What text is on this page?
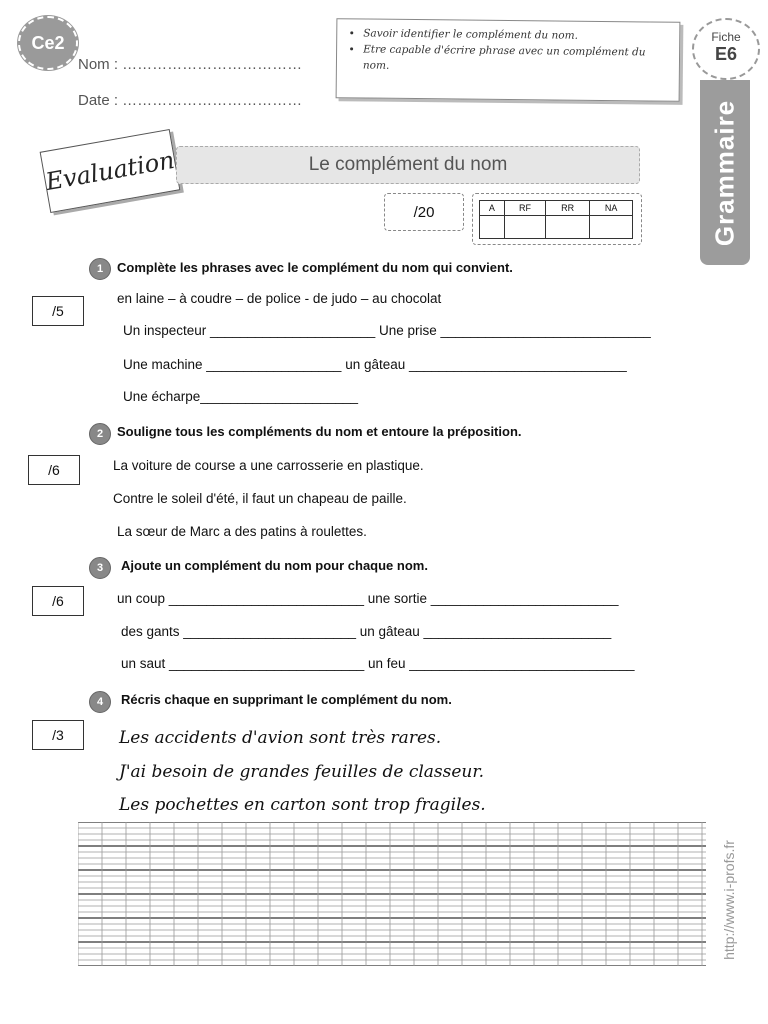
Ce2
Nom : ………………………………
Date : ………………………………
• Savoir identifier le complément du nom.
• Etre capable d'écrire phrase avec un complément du nom.
Fiche
E6
Grammaire
Evaluation	Le complément du nom
/20	A	RF	RR	NA

1	Complète les phrases avec le complément du nom qui convient.
/5
en laine – à coudre – de police - de judo – au chocolat
Un inspecteur ______________________ Une prise ____________________________
Une machine __________________ un gâteau _____________________________
Une écharpe_____________________
2	Souligne tous les compléments du nom et entoure la préposition.
/6	La voiture de course a une carrosserie en plastique.
Contre le soleil d'été, il faut un chapeau de paille.
La sœur de Marc a des patins à roulettes.
3	Ajoute un complément du nom pour chaque nom.
/6	un coup __________________________ une sortie _________________________
des gants _______________________ un gâteau _________________________
un saut __________________________ un feu ______________________________
4	Récris chaque en supprimant le complément du nom.
/3	Les accidents d'avion sont très rares.
J'ai besoin de grandes feuilles de classeur.
Les pochettes en carton sont trop fragiles.
http://www.i-profs.fr
